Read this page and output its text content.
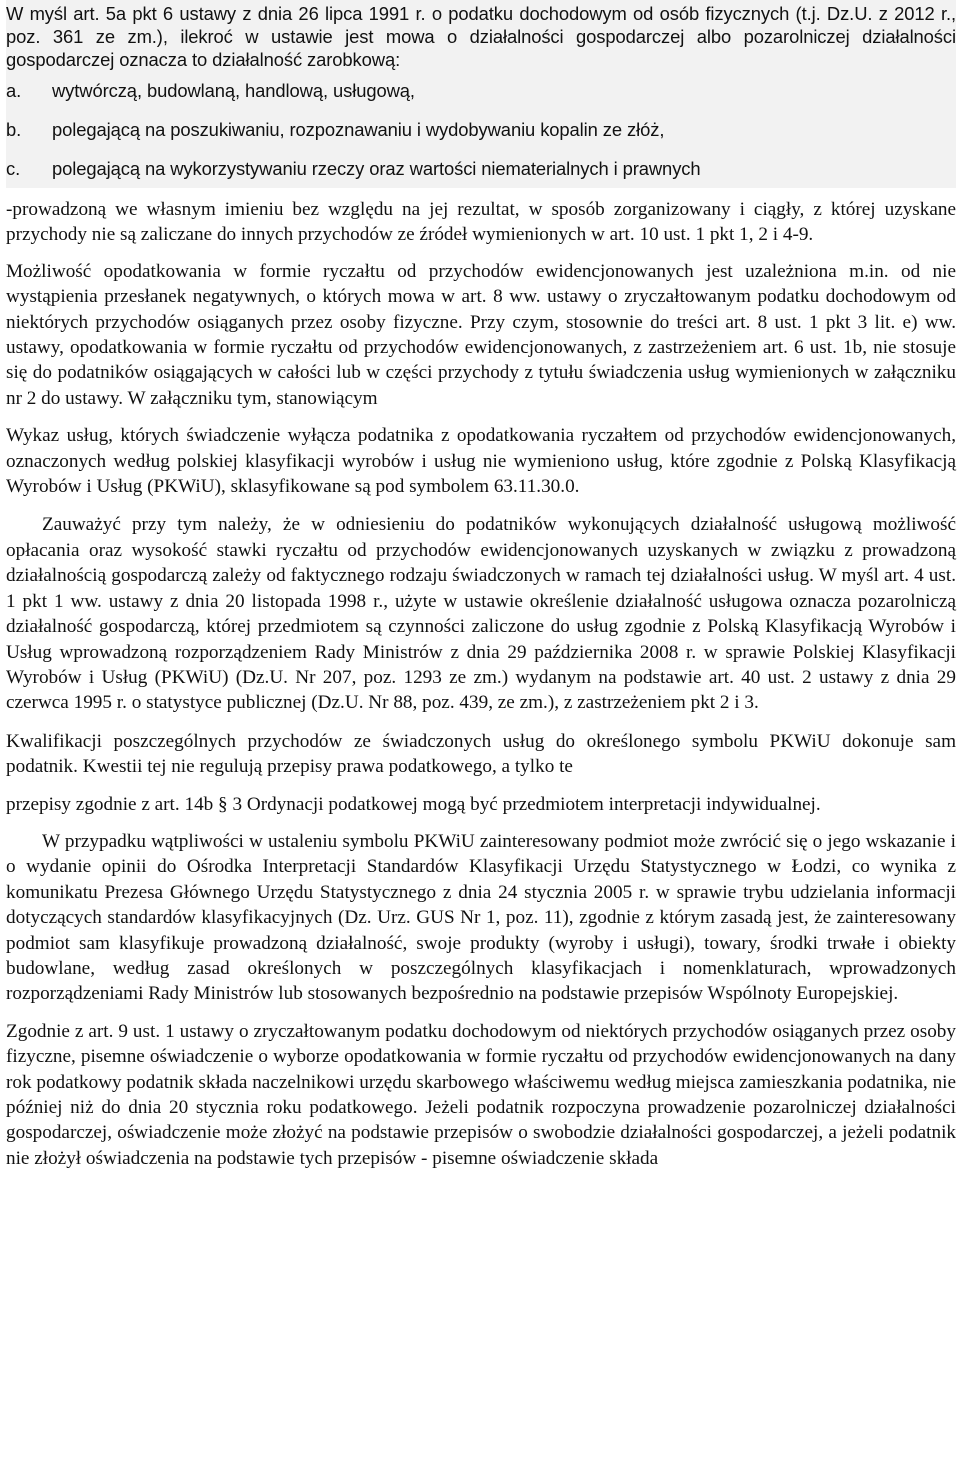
W myśl art. 5a pkt 6 ustawy z dnia 26 lipca 1991 r. o podatku dochodowym od osób fizycznych (t.j. Dz.U. z 2012 r., poz. 361 ze zm.), ilekroć w ustawie jest mowa o działalności gospodarczej albo pozarolniczej działalności gospodarczej oznacza to działalność zarobkową:

a.	wytwórczą, budowlaną, handlową, usługową,
b.	polegającą na poszukiwaniu, rozpoznawaniu i wydobywaniu kopalin ze złóż,
c.	polegającą na wykorzystywaniu rzeczy oraz wartości niematerialnych i prawnych

-prowadzoną we własnym imieniu bez względu na jej rezultat, w sposób zorganizowany i ciągły, z której uzyskane przychody nie są zaliczane do innych przychodów ze źródeł wymienionych w art. 10 ust. 1 pkt 1, 2 i 4-9.

Możliwość opodatkowania w formie ryczałtu od przychodów ewidencjonowanych jest uzależniona m.in. od nie wystąpienia przesłanek negatywnych, o których mowa w art. 8 ww. ustawy o zryczałtowanym podatku dochodowym od niektórych przychodów osiąganych przez osoby fizyczne. Przy czym, stosownie do treści art. 8 ust. 1 pkt 3 lit. e) ww. ustawy, opodatkowania w formie ryczałtu od przychodów ewidencjonowanych, z zastrzeżeniem art. 6 ust. 1b, nie stosuje się do podatników osiągających w całości lub w części przychody z tytułu świadczenia usług wymienionych w załączniku nr 2 do ustawy. W załączniku tym, stanowiącym

Wykaz usług, których świadczenie wyłącza podatnika z opodatkowania ryczałtem od przychodów ewidencjonowanych, oznaczonych według polskiej klasyfikacji wyrobów i usług nie wymieniono usług, które zgodnie z Polską Klasyfikacją Wyrobów i Usług (PKWiU), sklasyfikowane są pod symbolem 63.11.30.0.

Zauważyć przy tym należy, że w odniesieniu do podatników wykonujących działalność usługową możliwość opłacania oraz wysokość stawki ryczałtu od przychodów ewidencjonowanych uzyskanych w związku z prowadzoną działalnością gospodarczą zależy od faktycznego rodzaju świadczonych w ramach tej działalności usług. W myśl art. 4 ust. 1 pkt 1 ww. ustawy z dnia 20 listopada 1998 r., użyte w ustawie określenie działalność usługowa oznacza pozarolniczą działalność gospodarczą, której przedmiotem są czynności zaliczone do usług zgodnie z Polską Klasyfikacją Wyrobów i Usług wprowadzoną rozporządzeniem Rady Ministrów z dnia 29 października 2008 r. w sprawie Polskiej Klasyfikacji Wyrobów i Usług (PKWiU) (Dz.U. Nr 207, poz. 1293 ze zm.) wydanym na podstawie art. 40 ust. 2 ustawy z dnia 29 czerwca 1995 r. o statystyce publicznej (Dz.U. Nr 88, poz. 439, ze zm.), z zastrzeżeniem pkt 2 i 3.

Kwalifikacji poszczególnych przychodów ze świadczonych usług do określonego symbolu PKWiU dokonuje sam podatnik. Kwestii tej nie regulują przepisy prawa podatkowego, a tylko te

przepisy zgodnie z art. 14b § 3 Ordynacji podatkowej mogą być przedmiotem interpretacji indywidualnej.

W przypadku wątpliwości w ustaleniu symbolu PKWiU zainteresowany podmiot może zwrócić się o jego wskazanie i o wydanie opinii do Ośrodka Interpretacji Standardów Klasyfikacji Urzędu Statystycznego w Łodzi, co wynika z komunikatu Prezesa Głównego Urzędu Statystycznego z dnia 24 stycznia 2005 r. w sprawie trybu udzielania informacji dotyczących standardów klasyfikacyjnych (Dz. Urz. GUS Nr 1, poz. 11), zgodnie z którym zasadą jest, że zainteresowany podmiot sam klasyfikuje prowadzoną działalność, swoje produkty (wyroby i usługi), towary, środki trwałe i obiekty budowlane, według zasad określonych w poszczególnych klasyfikacjach i nomenklaturach, wprowadzonych rozporządzeniami Rady Ministrów lub stosowanych bezpośrednio na podstawie przepisów Wspólnoty Europejskiej.

Zgodnie z art. 9 ust. 1 ustawy o zryczałtowanym podatku dochodowym od niektórych przychodów osiąganych przez osoby fizyczne, pisemne oświadczenie o wyborze opodatkowania w formie ryczałtu od przychodów ewidencjonowanych na dany rok podatkowy podatnik składa naczelnikowi urzędu skarbowego właściwemu według miejsca zamieszkania podatnika, nie później niż do dnia 20 stycznia roku podatkowego. Jeżeli podatnik rozpoczyna prowadzenie pozarolniczej działalności gospodarczej, oświadczenie może złożyć na podstawie przepisów o swobodzie działalności gospodarczej, a jeżeli podatnik nie złożył oświadczenia na podstawie tych przepisów - pisemne oświadczenie składa
